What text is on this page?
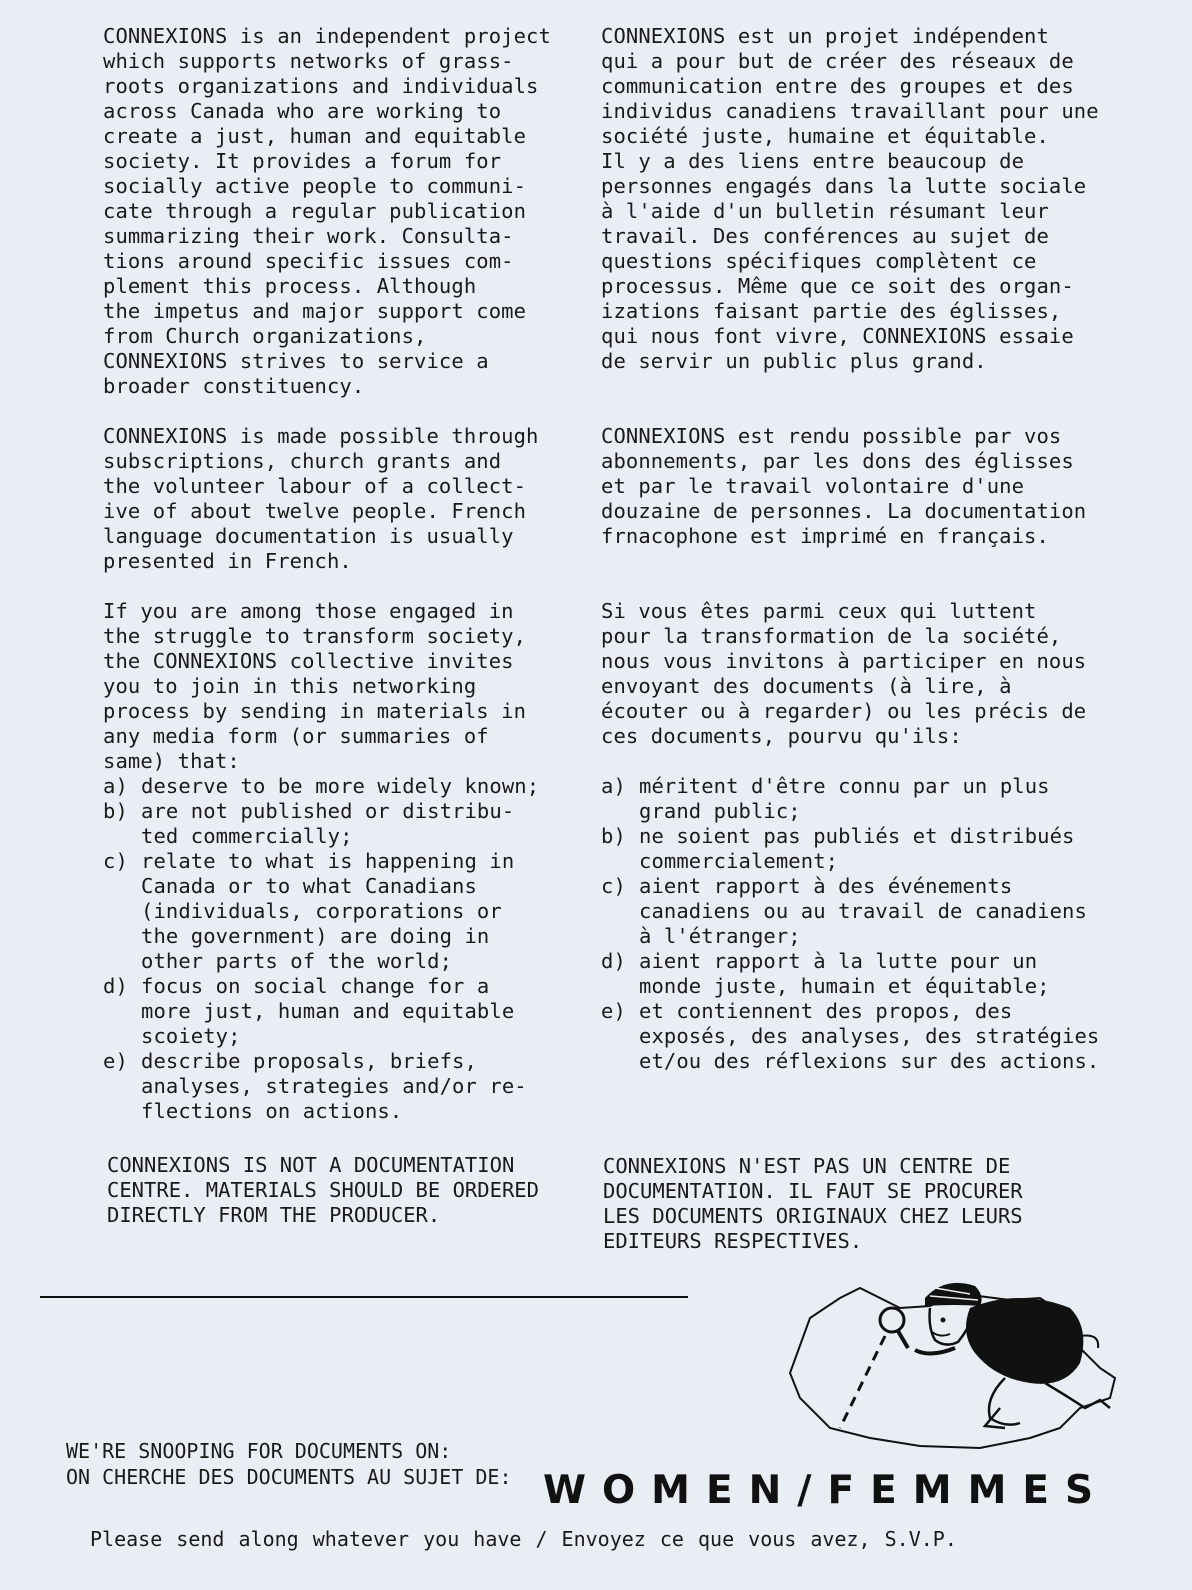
CONNEXIONS is an independent project
which supports networks of grass-
roots organizations and individuals
across Canada who are working to
create a just, human and equitable
society. It provides a forum for
socially active people to communi-
cate through a regular publication
summarizing their work. Consulta-
tions around specific issues com-
plement this process. Although
the impetus and major support come
from Church organizations,
CONNEXIONS strives to service a
broader constituency.

CONNEXIONS is made possible through
subscriptions, church grants and
the volunteer labour of a collect-
ive of about twelve people. French
language documentation is usually
presented in French.

If you are among those engaged in
the struggle to transform society,
the CONNEXIONS collective invites
you to join in this networking
process by sending in materials in
any media form (or summaries of
same) that:

a) deserve to be more widely known;
b) are not published or distribu-
ted commercially;
c) relate to what is happening in
Canada or to what Canadians
(individuals, corporations or
the government) are doing in
other parts of the world;
d) focus on social change for a
more just, human and equitable
scoiety;
e) describe proposals, briefs,
analyses, strategies and/or re-
flections on actions.

CONNEXIONS est un projet indépendent
qui a pour but de créer des réseaux de
communication entre des groupes et des
individus canadiens travaillant pour une
société juste, humaine et équitable.
Il y a des liens entre beaucoup de
personnes engagés dans la lutte sociale
à l'aide d'un bulletin résumant leur
travail. Des conférences au sujet de
questions spécifiques complètent ce
processus. Même que ce soit des organ-
izations faisant partie des églisses,
qui nous font vivre, CONNEXIONS essaie
de servir un public plus grand.

CONNEXIONS est rendu possible par vos
abonnements, par les dons des églisses
et par le travail volontaire d'une
douzaine de personnes. La documentation
frnacophone est imprimé en français.

Si vous êtes parmi ceux qui luttent
pour la transformation de la société,
nous vous invitons à participer en nous
envoyant des documents (à lire, à
écouter ou à regarder) ou les précis de
ces documents, pourvu qu'ils:

a) méritent d'être connu par un plus
grand public;
b) ne soient pas publiés et distribués
commercialement;
c) aient rapport à des événements
canadiens ou au travail de canadiens
à l'étranger;
d) aient rapport à la lutte pour un
monde juste, humain et équitable;
e) et contiennent des propos, des
exposés, des analyses, des stratégies
et/ou des réflexions sur des actions.
CONNEXIONS IS NOT A DOCUMENTATION
CENTRE. MATERIALS SHOULD BE ORDERED
DIRECTLY FROM THE PRODUCER.
CONNEXIONS N'EST PAS UN CENTRE DE
DOCUMENTATION. IL FAUT SE PROCURER
LES DOCUMENTS ORIGINAUX CHEZ LEURS
EDITEURS RESPECTIVES.
WE'RE SNOOPING FOR DOCUMENTS ON:
ON CHERCHE DES DOCUMENTS AU SUJET DE: WOMEN/FEMMES
Please send along whatever you have / Envoyez ce que vous avez, S.V.P.
